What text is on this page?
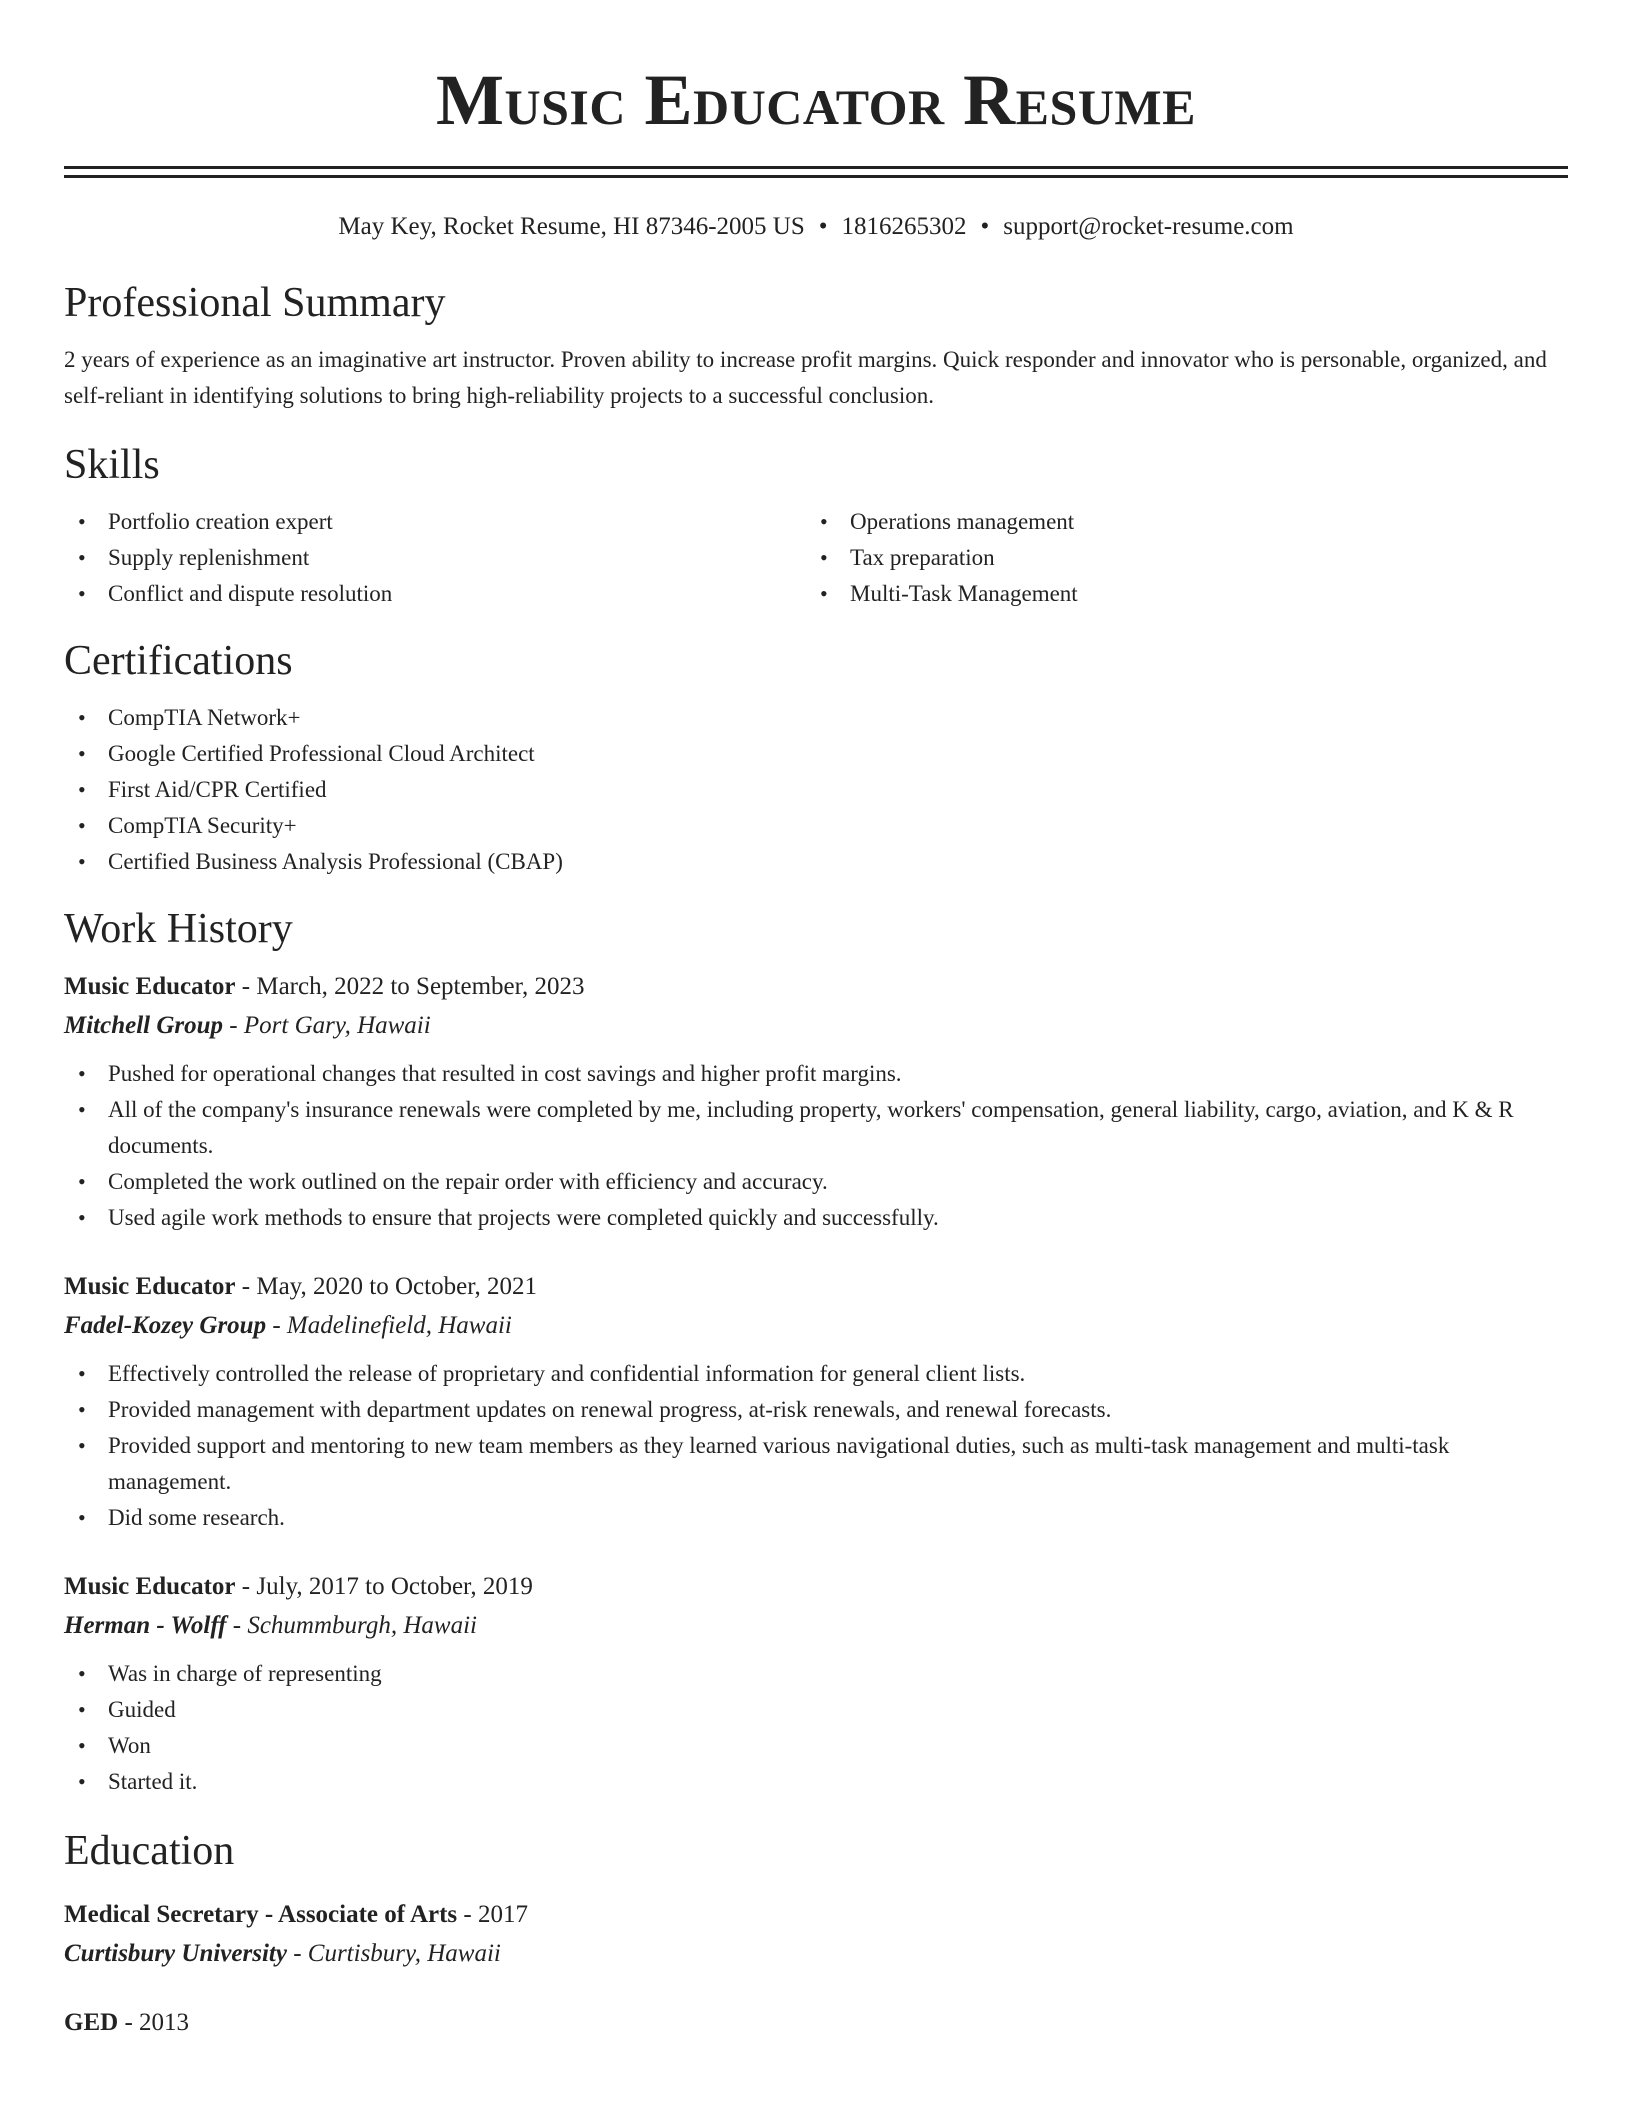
Music Educator Resume
May Key, Rocket Resume, HI 87346-2005 US • 1816265302 • support@rocket-resume.com
Professional Summary

2 years of experience as an imaginative art instructor. Proven ability to increase profit margins. Quick responder and innovator who is personable, organized, and self-reliant in identifying solutions to bring high-reliability projects to a successful conclusion.

Skills
• Portfolio creation expert
• Supply replenishment
• Conflict and dispute resolution
• Operations management
• Tax preparation
• Multi-Task Management
Certifications
• CompTIA Network+
• Google Certified Professional Cloud Architect
• First Aid/CPR Certified
• CompTIA Security+
• Certified Business Analysis Professional (CBAP)
Work History

Music Educator - March, 2022 to September, 2023

Mitchell Group - Port Gary, Hawaii

• Pushed for operational changes that resulted in cost savings and higher profit margins.
• All of the company's insurance renewals were completed by me, including property, workers' compensation, general liability, cargo, aviation, and K & R documents.
• Completed the work outlined on the repair order with efficiency and accuracy.
• Used agile work methods to ensure that projects were completed quickly and successfully.

Music Educator - May, 2020 to October, 2021

Fadel-Kozey Group - Madelinefield, Hawaii

• Effectively controlled the release of proprietary and confidential information for general client lists.
• Provided management with department updates on renewal progress, at-risk renewals, and renewal forecasts.
• Provided support and mentoring to new team members as they learned various navigational duties, such as multi-task management and multi-task management.
• Did some research.

Music Educator - July, 2017 to October, 2019

Herman - Wolff - Schummburgh, Hawaii

• Was in charge of representing
• Guided
• Won
• Started it.
Education

Medical Secretary - Associate of Arts - 2017

Curtisbury University - Curtisbury, Hawaii

GED - 2013
